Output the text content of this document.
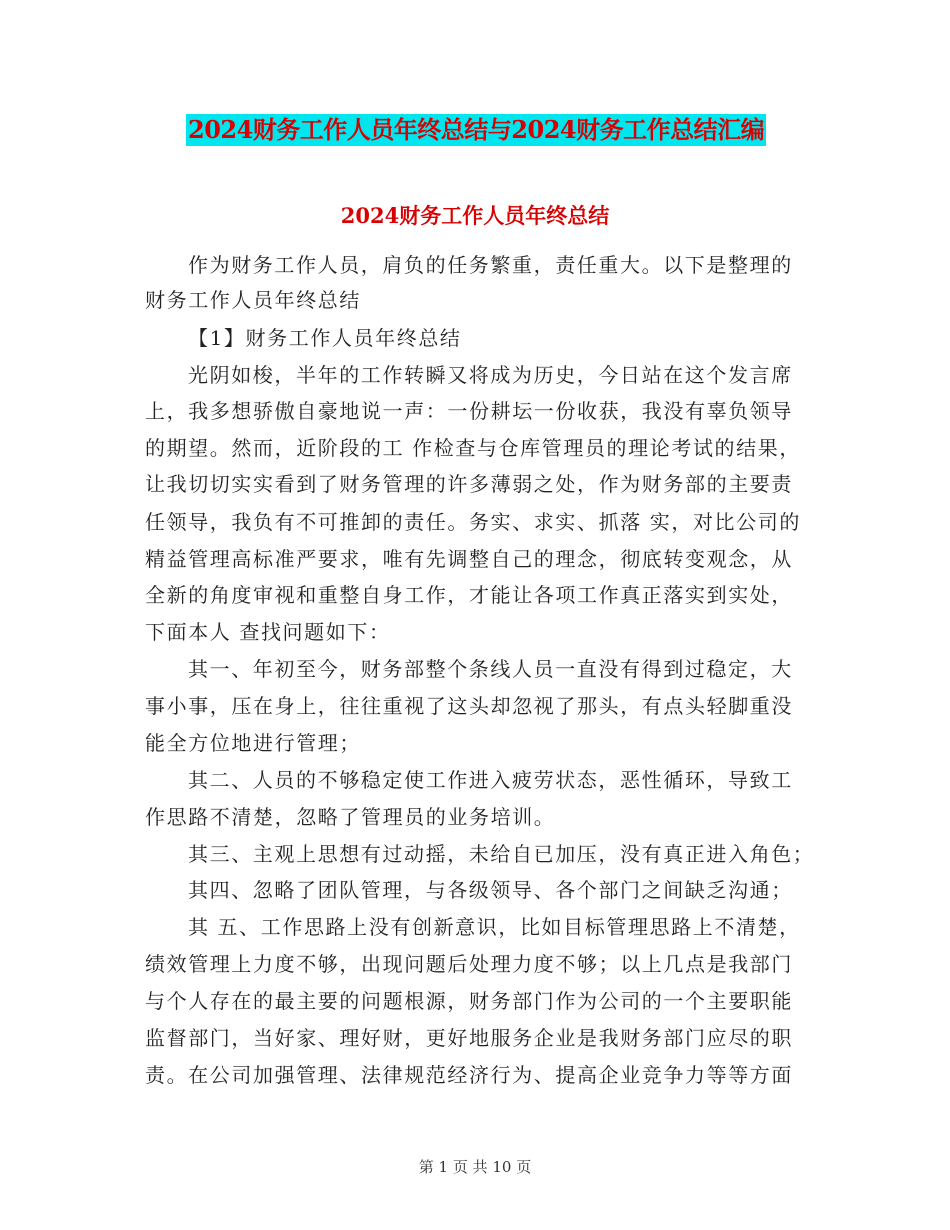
2024财务工作人员年终总结与2024财务工作总结汇编
2024财务工作人员年终总结
作为财务工作人员，肩负的任务繁重，责任重大。以下是整理的
财务工作人员年终总结
【1】财务工作人员年终总结
光阴如梭，半年的工作转瞬又将成为历史，今日站在这个发言席
上，我多想骄傲自豪地说一声：一份耕坛一份收获，我没有辜负领导
的期望。然而，近阶段的工 作检查与仓库管理员的理论考试的结果，
让我切切实实看到了财务管理的许多薄弱之处，作为财务部的主要责
任领导，我负有不可推卸的责任。务实、求实、抓落 实，对比公司的
精益管理高标准严要求，唯有先调整自己的理念，彻底转变观念，从
全新的角度审视和重整自身工作，才能让各项工作真正落实到实处，
下面本人 查找问题如下：
其一、年初至今，财务部整个条线人员一直没有得到过稳定，大
事小事，压在身上，往往重视了这头却忽视了那头，有点头轻脚重没
能全方位地进行管理；
其二、人员的不够稳定使工作进入疲劳状态，恶性循环，导致工
作思路不清楚，忽略了管理员的业务培训。
其三、主观上思想有过动摇，未给自已加压，没有真正进入角色；
其四、忽略了团队管理，与各级领导、各个部门之间缺乏沟通；
其 五、工作思路上没有创新意识，比如目标管理思路上不清楚，
绩效管理上力度不够，出现问题后处理力度不够；以上几点是我部门
与个人存在的最主要的问题根源，财务部门作为公司的一个主要职能
监督部门，当好家、理好财，更好地服务企业是我财务部门应尽的职
责。在公司加强管理、法律规范经济行为、提高企业竞争力等等方面
第 1 页 共 10 页
